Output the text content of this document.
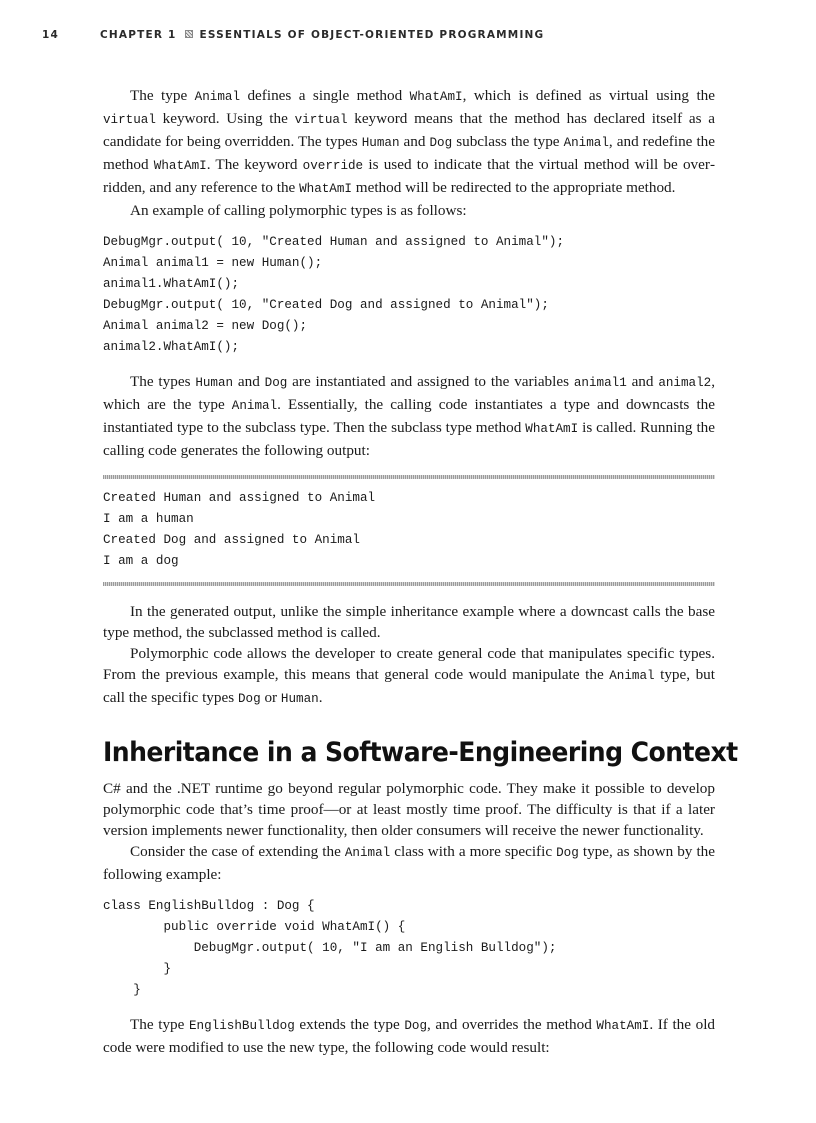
14	CHAPTER 1 ESSENTIALS OF OBJECT-ORIENTED PROGRAMMING

The type Animal defines a single method WhatAmI, which is defined as virtual using the virtual keyword. Using the virtual keyword means that the method has declared itself as a candidate for being overridden. The types Human and Dog subclass the type Animal, and redefine the method WhatAmI. The keyword override is used to indicate that the virtual method will be overridden, and any reference to the WhatAmI method will be redirected to the appropriate method.

An example of calling polymorphic types is as follows:

DebugMgr.output( 10, "Created Human and assigned to Animal");
Animal animal1 = new Human();
animal1.WhatAmI();
DebugMgr.output( 10, "Created Dog and assigned to Animal");
Animal animal2 = new Dog();
animal2.WhatAmI();

The types Human and Dog are instantiated and assigned to the variables animal1 and animal2, which are the type Animal. Essentially, the calling code instantiates a type and downcasts the instantiated type to the subclass type. Then the subclass type method WhatAmI is called. Running the calling code generates the following output:

Created Human and assigned to Animal
I am a human
Created Dog and assigned to Animal
I am a dog

In the generated output, unlike the simple inheritance example where a downcast calls the base type method, the subclassed method is called.

Polymorphic code allows the developer to create general code that manipulates specific types. From the previous example, this means that general code would manipulate the Animal type, but call the specific types Dog or Human.

Inheritance in a Software-Engineering Context

C# and the .NET runtime go beyond regular polymorphic code. They make it possible to develop polymorphic code that’s time proof—or at least mostly time proof. The difficulty is that if a later version implements newer functionality, then older consumers will receive the newer functionality.

Consider the case of extending the Animal class with a more specific Dog type, as shown by the following example:

class EnglishBulldog : Dog {
public override void WhatAmI() {
DebugMgr.output( 10, "I am an English Bulldog");
}
}

The type EnglishBulldog extends the type Dog, and overrides the method WhatAmI. If the old code were modified to use the new type, the following code would result:
